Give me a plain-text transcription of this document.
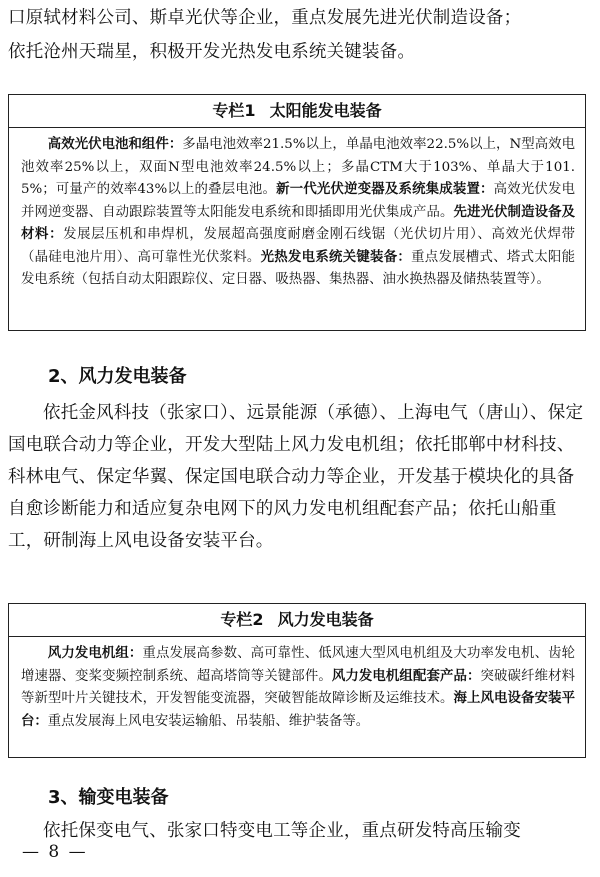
口原轼材料公司、斯卓光伏等企业，重点发展先进光伏制造设备；
依托沧州天瑞星，积极开发光热发电系统关键装备。
专栏1 太阳能发电装备
高效光伏电池和组件：多晶电池效率21.5%以上，单晶电池效率22.5%以上，N型高效电池效率25%以上，双面N型电池效率24.5%以上；多晶CTM大于103%、单晶大于101.5%；可量产的效率43%以上的叠层电池。新一代光伏逆变器及系统集成装置：高效光伏发电并网逆变器、自动跟踪装置等太阳能发电系统和即插即用光伏集成产品。先进光伏制造设备及材料：发展层压机和串焊机，发展超高强度耐磨金刚石线锯（光伏切片用）、高效光伏焊带（晶硅电池片用）、高可靠性光伏浆料。光热发电系统关键装备：重点发展槽式、塔式太阳能发电系统（包括自动太阳跟踪仪、定日器、吸热器、集热器、油水换热器及储热装置等）。
2、风力发电装备
依托金风科技（张家口）、远景能源（承德）、上海电气（唐山）、保定国电联合动力等企业，开发大型陆上风力发电机组；依托邯郸中材科技、科林电气、保定华翼、保定国电联合动力等企业，开发基于模块化的具备自愈诊断能力和适应复杂电网下的风力发电机组配套产品；依托山船重工，研制海上风电设备安装平台。
专栏2 风力发电装备
风力发电机组：重点发展高参数、高可靠性、低风速大型风电机组及大功率发电机、齿轮增速器、变桨变频控制系统、超高塔筒等关键部件。风力发电机组配套产品：突破碳纤维材料等新型叶片关键技术，开发智能变流器，突破智能故障诊断及运维技术。海上风电设备安装平台：重点发展海上风电安装运输船、吊装船、维护装备等。
3、输变电装备
依托保变电气、张家口特变电工等企业，重点研发特高压输变
— 8 —
